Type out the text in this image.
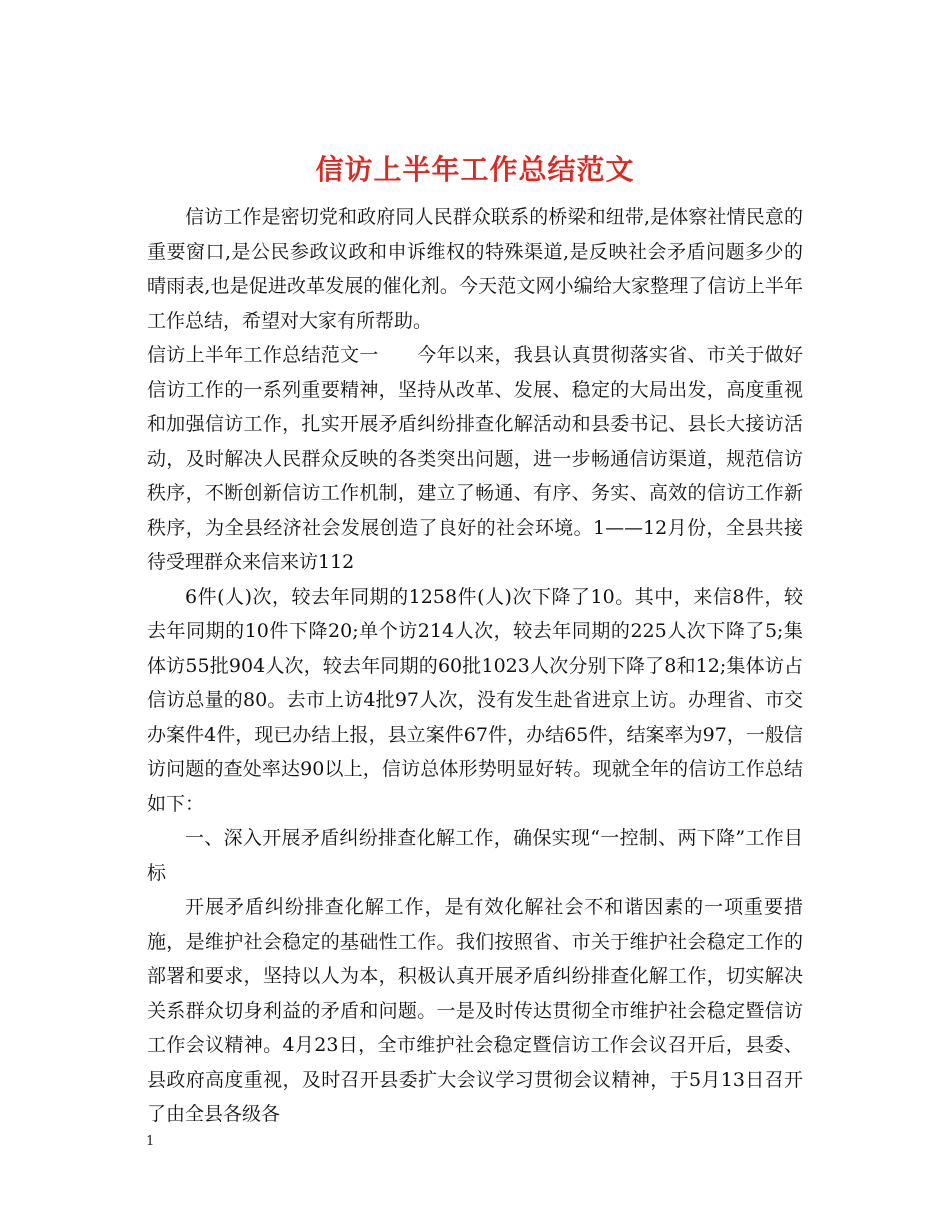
信访上半年工作总结范文

信访工作是密切党和政府同人民群众联系的桥梁和纽带,是体察社情民意的重要窗口,是公民参政议政和申诉维权的特殊渠道,是反映社会矛盾问题多少的晴雨表,也是促进改革发展的催化剂。今天范文网小编给大家整理了信访上半年工作总结，希望对大家有所帮助。

信访上半年工作总结范文一　　今年以来，我县认真贯彻落实省、市关于做好信访工作的一系列重要精神，坚持从改革、发展、稳定的大局出发，高度重视和加强信访工作，扎实开展矛盾纠纷排查化解活动和县委书记、县长大接访活动，及时解决人民群众反映的各类突出问题，进一步畅通信访渠道，规范信访秩序，不断创新信访工作机制，建立了畅通、有序、务实、高效的信访工作新秩序，为全县经济社会发展创造了良好的社会环境。1——12月份，全县共接待受理群众来信来访112

6件(人)次，较去年同期的1258件(人)次下降了10。其中，来信8件，较去年同期的10件下降20;单个访214人次，较去年同期的225人次下降了5;集体访55批904人次，较去年同期的60批1023人次分别下降了8和12;集体访占信访总量的80。去市上访4批97人次，没有发生赴省进京上访。办理省、市交办案件4件，现已办结上报，县立案件67件，办结65件，结案率为97，一般信访问题的查处率达90以上，信访总体形势明显好转。现就全年的信访工作总结如下：

一、深入开展矛盾纠纷排查化解工作，确保实现“一控制、两下降”工作目标

开展矛盾纠纷排查化解工作，是有效化解社会不和谐因素的一项重要措施，是维护社会稳定的基础性工作。我们按照省、市关于维护社会稳定工作的部署和要求，坚持以人为本，积极认真开展矛盾纠纷排查化解工作，切实解决关系群众切身利益的矛盾和问题。一是及时传达贯彻全市维护社会稳定暨信访工作会议精神。4月23日，全市维护社会稳定暨信访工作会议召开后，县委、县政府高度重视，及时召开县委扩大会议学习贯彻会议精神，于5月13日召开了由全县各级各

1
